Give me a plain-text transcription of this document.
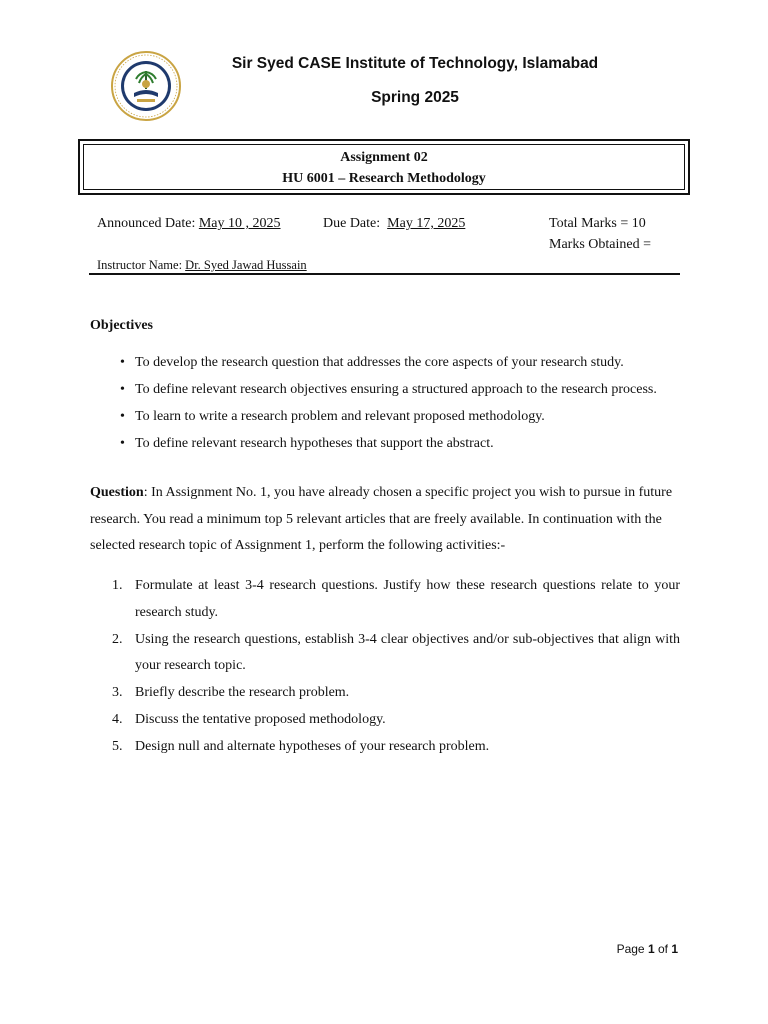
Sir Syed CASE Institute of Technology, Islamabad
Spring 2025
Assignment 02
HU 6001 – Research Methodology
Announced Date: May 10 , 2025	Due Date:  May 17, 2025	Total Marks = 10
Marks Obtained =
Instructor Name: Dr. Syed Jawad Hussain
Objectives
• To develop the research question that addresses the core aspects of your research study.
• To define relevant research objectives ensuring a structured approach to the research process.
• To learn to write a research problem and relevant proposed methodology.
• To define relevant research hypotheses that support the abstract.
Question: In Assignment No. 1, you have already chosen a specific project you wish to pursue in future research. You read a minimum top 5 relevant articles that are freely available. In continuation with the selected research topic of Assignment 1, perform the following activities:-
1. Formulate at least 3-4 research questions. Justify how these research questions relate to your research study.
2. Using the research questions, establish 3-4 clear objectives and/or sub-objectives that align with your research topic.
3. Briefly describe the research problem.
4. Discuss the tentative proposed methodology.
5. Design null and alternate hypotheses of your research problem.
Page 1 of 1
